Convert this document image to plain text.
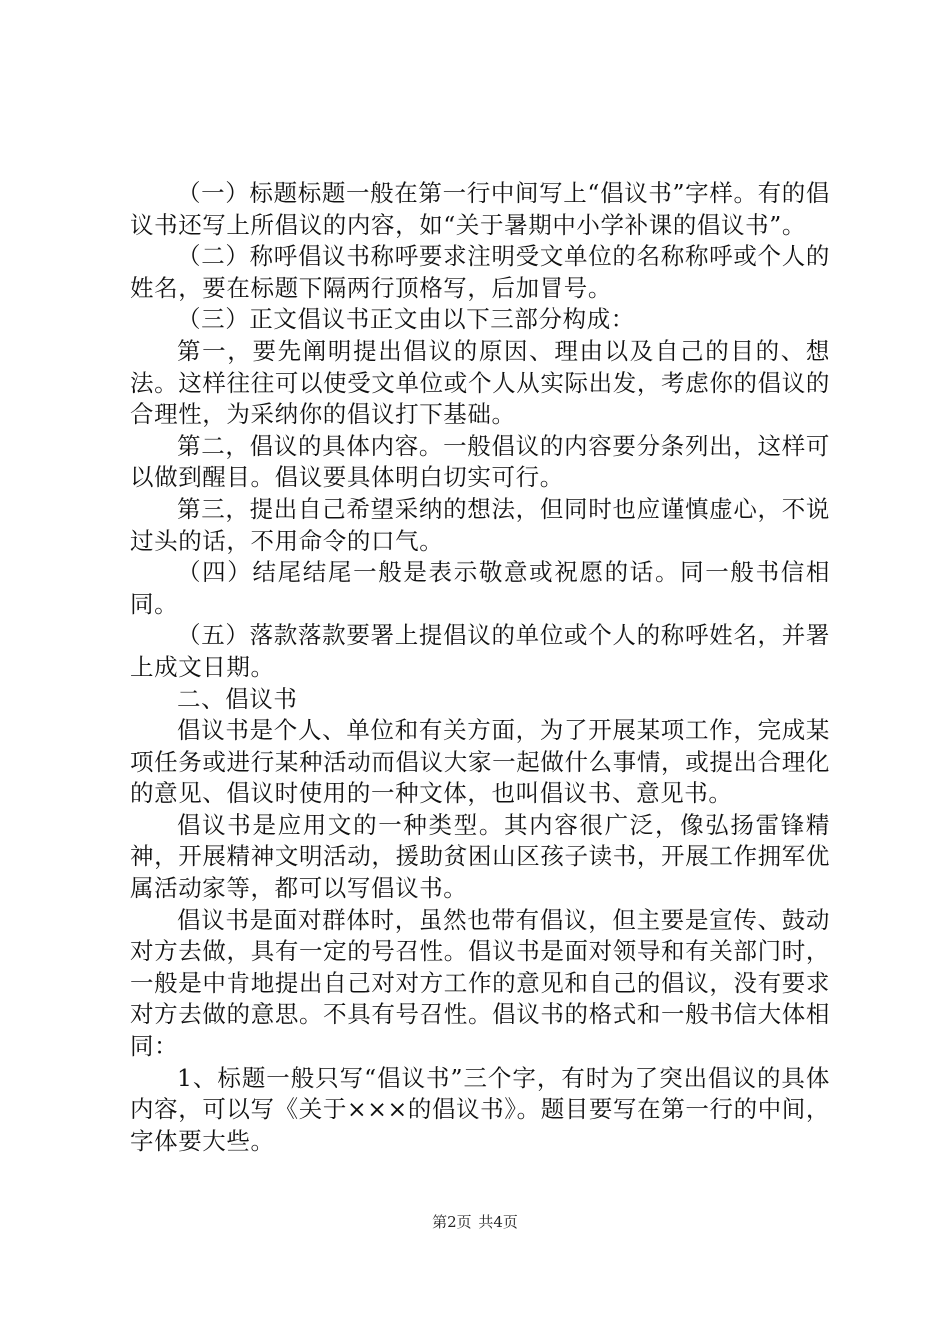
（一）标题标题一般在第一行中间写上“倡议书”字样。有的倡议书还写上所倡议的内容，如“关于暑期中小学补课的倡议书”。

（二）称呼倡议书称呼要求注明受文单位的名称称呼或个人的姓名，要在标题下隔两行顶格写，后加冒号。

（三）正文倡议书正文由以下三部分构成：

第一，要先阐明提出倡议的原因、理由以及自己的目的、想法。这样往往可以使受文单位或个人从实际出发，考虑你的倡议的合理性，为采纳你的倡议打下基础。

第二，倡议的具体内容。一般倡议的内容要分条列出，这样可以做到醒目。倡议要具体明白切实可行。

第三，提出自己希望采纳的想法，但同时也应谨慎虚心，不说过头的话，不用命令的口气。

（四）结尾结尾一般是表示敬意或祝愿的话。同一般书信相同。

（五）落款落款要署上提倡议的单位或个人的称呼姓名，并署上成文日期。

二、倡议书

倡议书是个人、单位和有关方面，为了开展某项工作，完成某项任务或进行某种活动而倡议大家一起做什么事情，或提出合理化的意见、倡议时使用的一种文体，也叫倡议书、意见书。

倡议书是应用文的一种类型。其内容很广泛，像弘扬雷锋精神，开展精神文明活动，援助贫困山区孩子读书，开展工作拥军优属活动家等，都可以写倡议书。

倡议书是面对群体时，虽然也带有倡议，但主要是宣传、鼓动对方去做，具有一定的号召性。倡议书是面对领导和有关部门时，一般是中肯地提出自己对对方工作的意见和自己的倡议，没有要求对方去做的意思。不具有号召性。倡议书的格式和一般书信大体相同：

1、标题一般只写“倡议书”三个字，有时为了突出倡议的具体内容，可以写《关于×××的倡议书》。题目要写在第一行的中间，字体要大些。

第2页 共4页
